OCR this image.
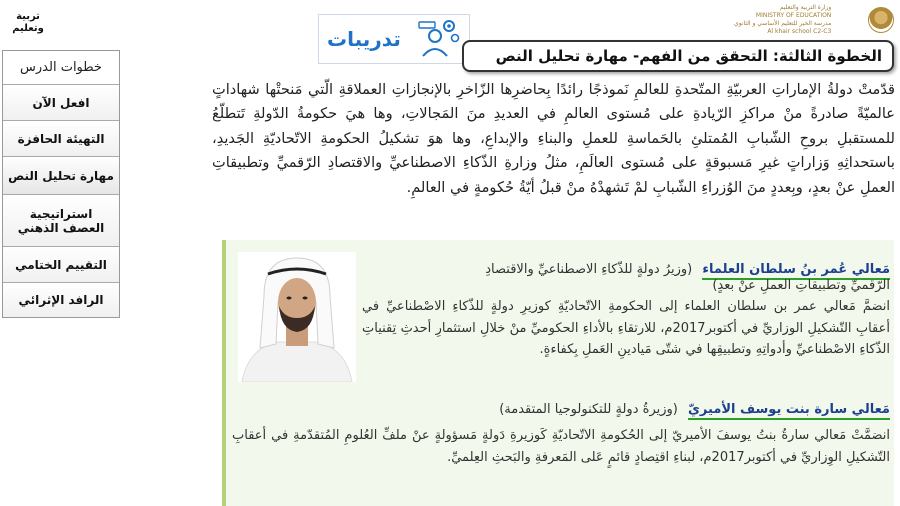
تربية
وتعليم
وزارة التربية والتعليم
MINISTRY OF EDUCATION
مدرسة الخير للتعليم الأساسي و الثانوي
Al khair school C2-C3
تدريبات
الخطوة الثالثة: التحقق من الفهم- مهارة تحليل النص
خطوات الدرس
افعل الآن
التهيئة الحافزة
مهارة تحليل النص
استراتيجية العصف الذهني
التقييم الختامي
الرافد الإثرائي
قدّمتْ دولةُ الإماراتِ العربيّةِ المتّحدةِ للعالمِ نَموذجًا رائدًا بِحاضرِها الزّاخرِ بالإنجازاتِ العملاقةِ الّتي مَنحتْها شهاداتٍ عالميّةً صادرةً منْ مراكزِ الرّيادةِ على مُستوى العالمِ في العديدِ منَ المَجالاتِ، وها هيَ حكومةُ الدّولةِ تَتطلّعُ للمستقبلِ بروحِ الشّبابِ المُمتلئِ بالحَماسةِ للعملِ والبناءِ والإبداعِ، وها هوَ تشكيلُ الحكومةِ الاتّحاديّةِ الجَديدِ، باستحداثِهِ وَزاراتٍ غيرِ مَسبوقةٍ على مُستوى العالَمِ، مثلُ وزارةِ الذّكاءِ الاصطناعيِّ والاقتصادِ الرّقميِّ وتطبيقاتِ العملِ عنْ بعدٍ، وبِعددٍ منَ الوُزراءِ الشّبابِ لمْ تَشهدْهُ منْ قبلُ أيّةُ حُكومةٍ في العالمِ.
مَعالي عُمر بنُ سلطان العلماء (وزيرُ دولةٍ للذّكاءِ الاصطناعيِّ والاقتصادِ
الرّقميِّ وتطبيقاتِ العملِ عنْ بعدٍ)
انضمَّ مَعالي عمر بن سلطان العلماء إلى الحكومةِ الاتّحاديّةِ كوزيرِ دولةٍ للذّكاءِ الاصْطناعيِّ في أعقابِ التّشكيلِ الوزاريِّ في أكتوبر2017م، للارتقاءِ بالأداءِ الحكوميِّ منْ خلالِ استثمارِ أحدثِ تِقنياتِ الذّكاءِ الاصْطناعيِّ وأدواتِهِ وتطبيقِها في شتّى مَيادينِ العَملِ بِكفاءةٍ.
مَعالي سارة بنت يوسف الأميريّ (وزيرةُ دولةٍ للتكنولوجيا المتقدمة)
انضمَّتْ مَعالي سارةُ بنتُ يوسفَ الأميريّ إلى الحُكومةِ الاتّحاديّةِ كَوزيرةِ دَولةٍ مَسؤولةٍ عنْ ملفِّ العُلومِ المُتقدّمةِ في أعقابِ التّشكيلِ الوِزاريِّ في أكتوبر2017م، لبناءِ اقتِصادٍ قائمٍ عَلى المَعرفةِ والبَحثِ العِلميِّ.
